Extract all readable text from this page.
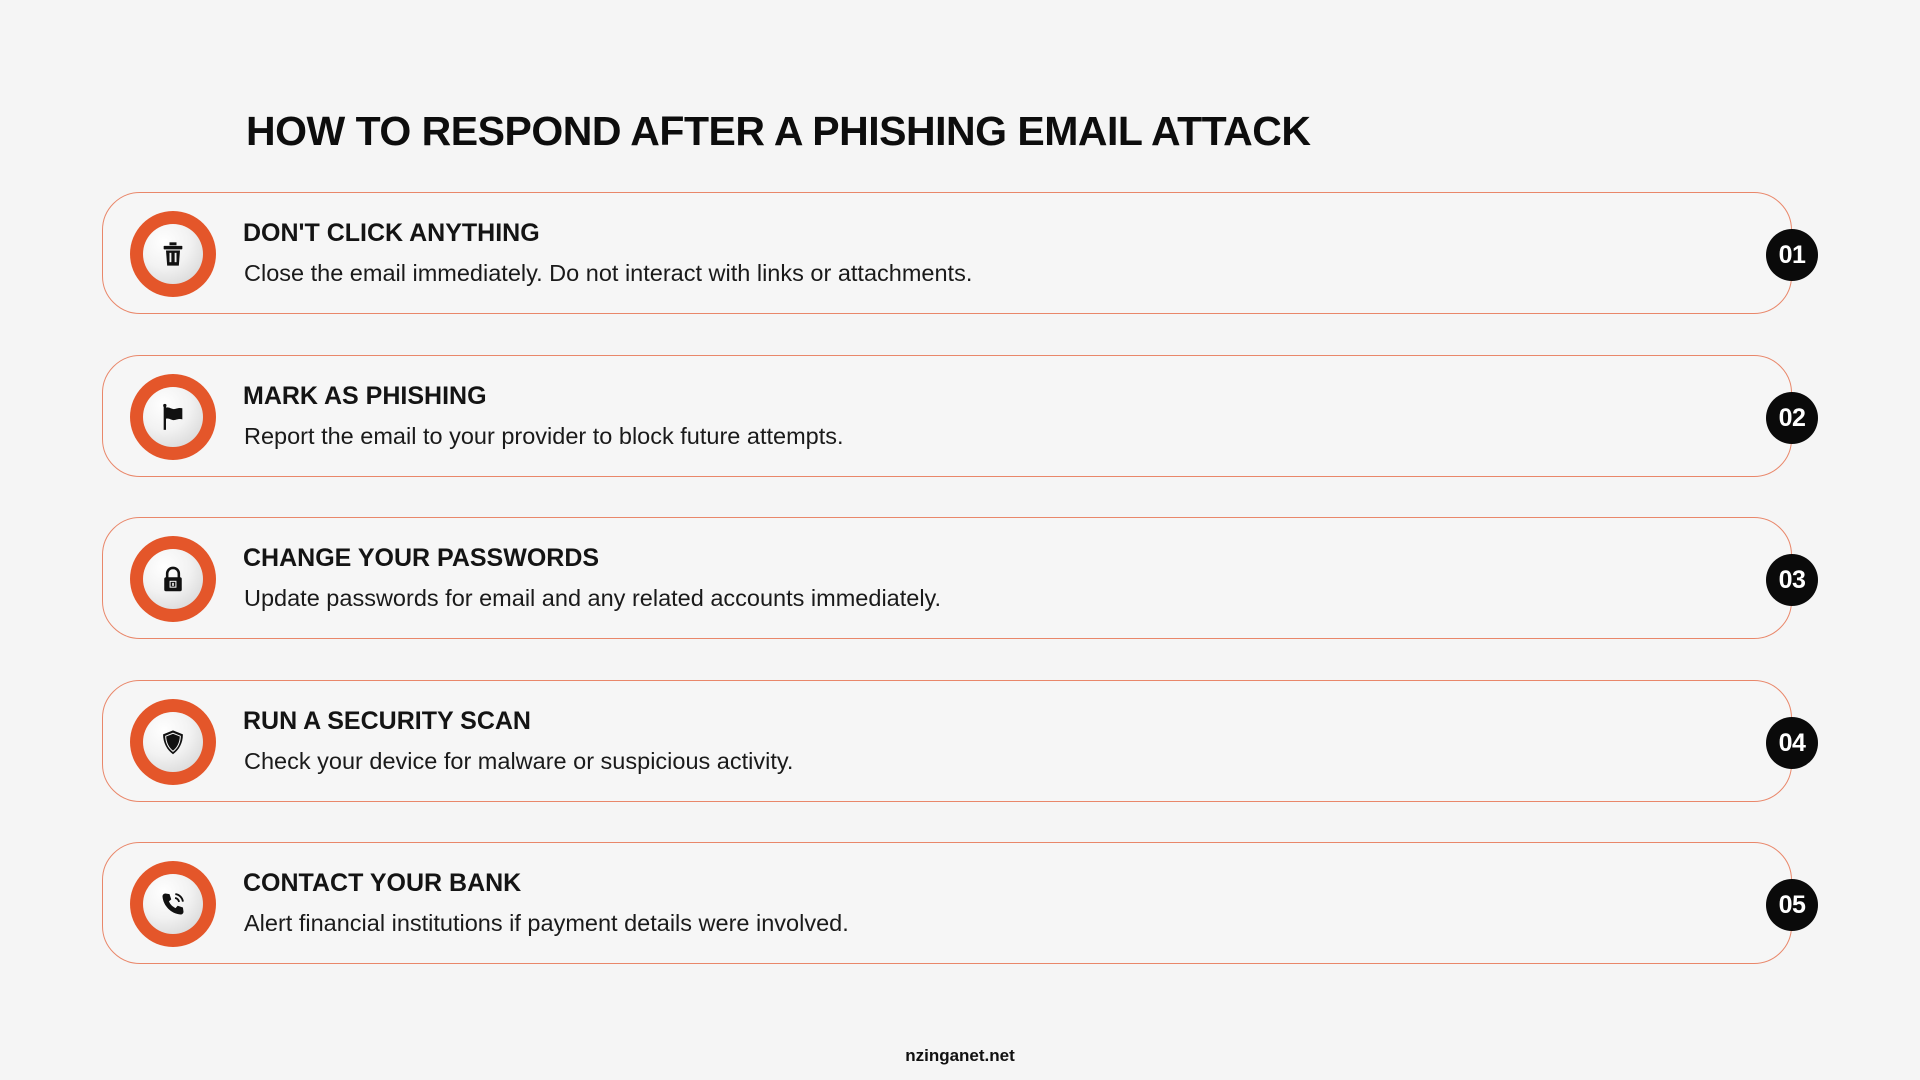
HOW TO RESPOND AFTER A PHISHING EMAIL ATTACK
DON'T CLICK ANYTHING
Close the email immediately. Do not interact with links or attachments.
01
MARK AS PHISHING
Report the email to your provider to block future attempts.
02
CHANGE YOUR PASSWORDS
Update passwords for email and any related accounts immediately.
03
RUN A SECURITY SCAN
Check your device for malware or suspicious activity.
04
CONTACT YOUR BANK
Alert financial institutions if payment details were involved.
05
nzinganet.net
